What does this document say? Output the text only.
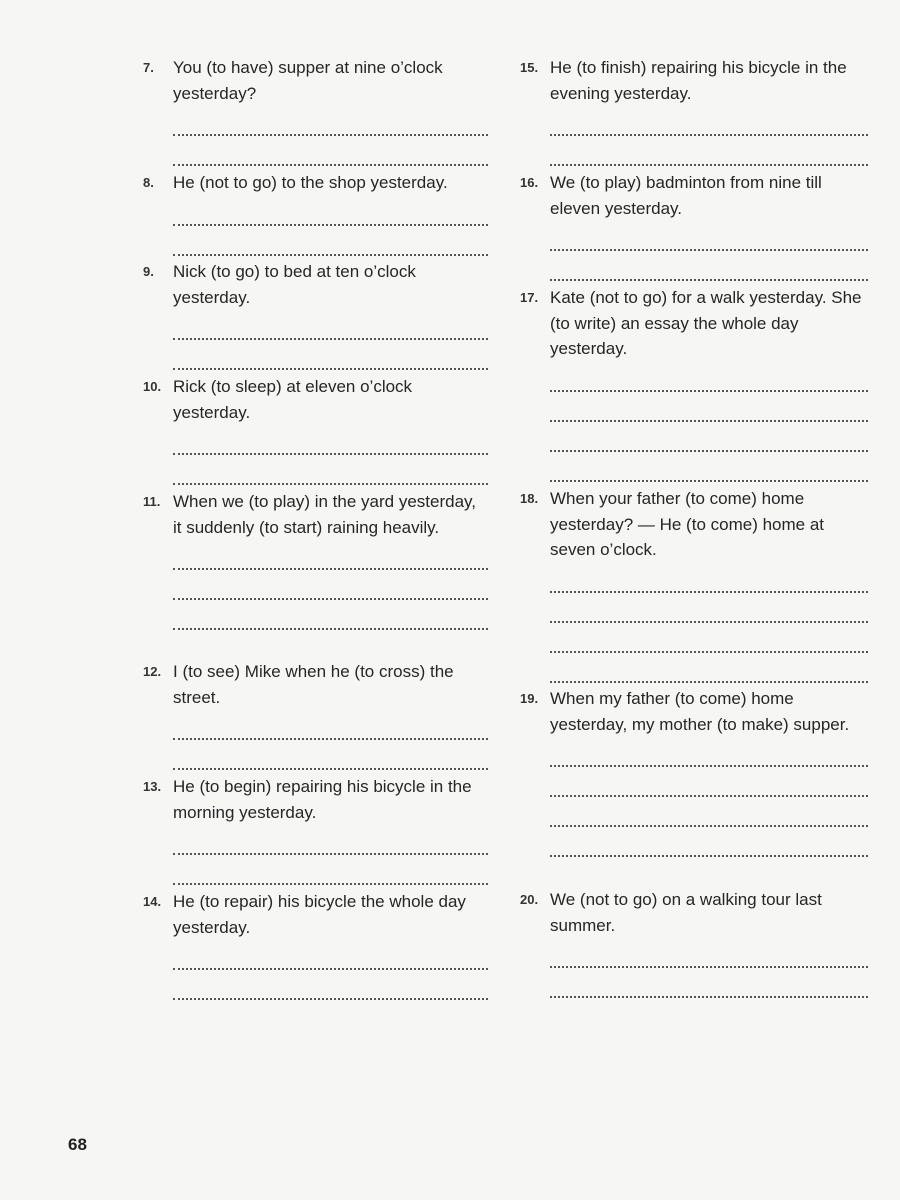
7. You (to have) supper at nine o’clock yesterday?
8. He (not to go) to the shop yesterday.
9. Nick (to go) to bed at ten o’clock yesterday.
10. Rick (to sleep) at eleven o’clock yesterday.
11. When we (to play) in the yard yesterday, it suddenly (to start) raining heavily.
12. I (to see) Mike when he (to cross) the street.
13. He (to begin) repairing his bicycle in the morning yesterday.
14. He (to repair) his bicycle the whole day yesterday.
15. He (to finish) repairing his bicycle in the evening yesterday.
16. We (to play) badminton from nine till eleven yesterday.
17. Kate (not to go) for a walk yesterday. She (to write) an essay the whole day yesterday.
18. When your father (to come) home yesterday? — He (to come) home at seven o’clock.
19. When my father (to come) home yesterday, my mother (to make) supper.
20. We (not to go) on a walking tour last summer.
68
